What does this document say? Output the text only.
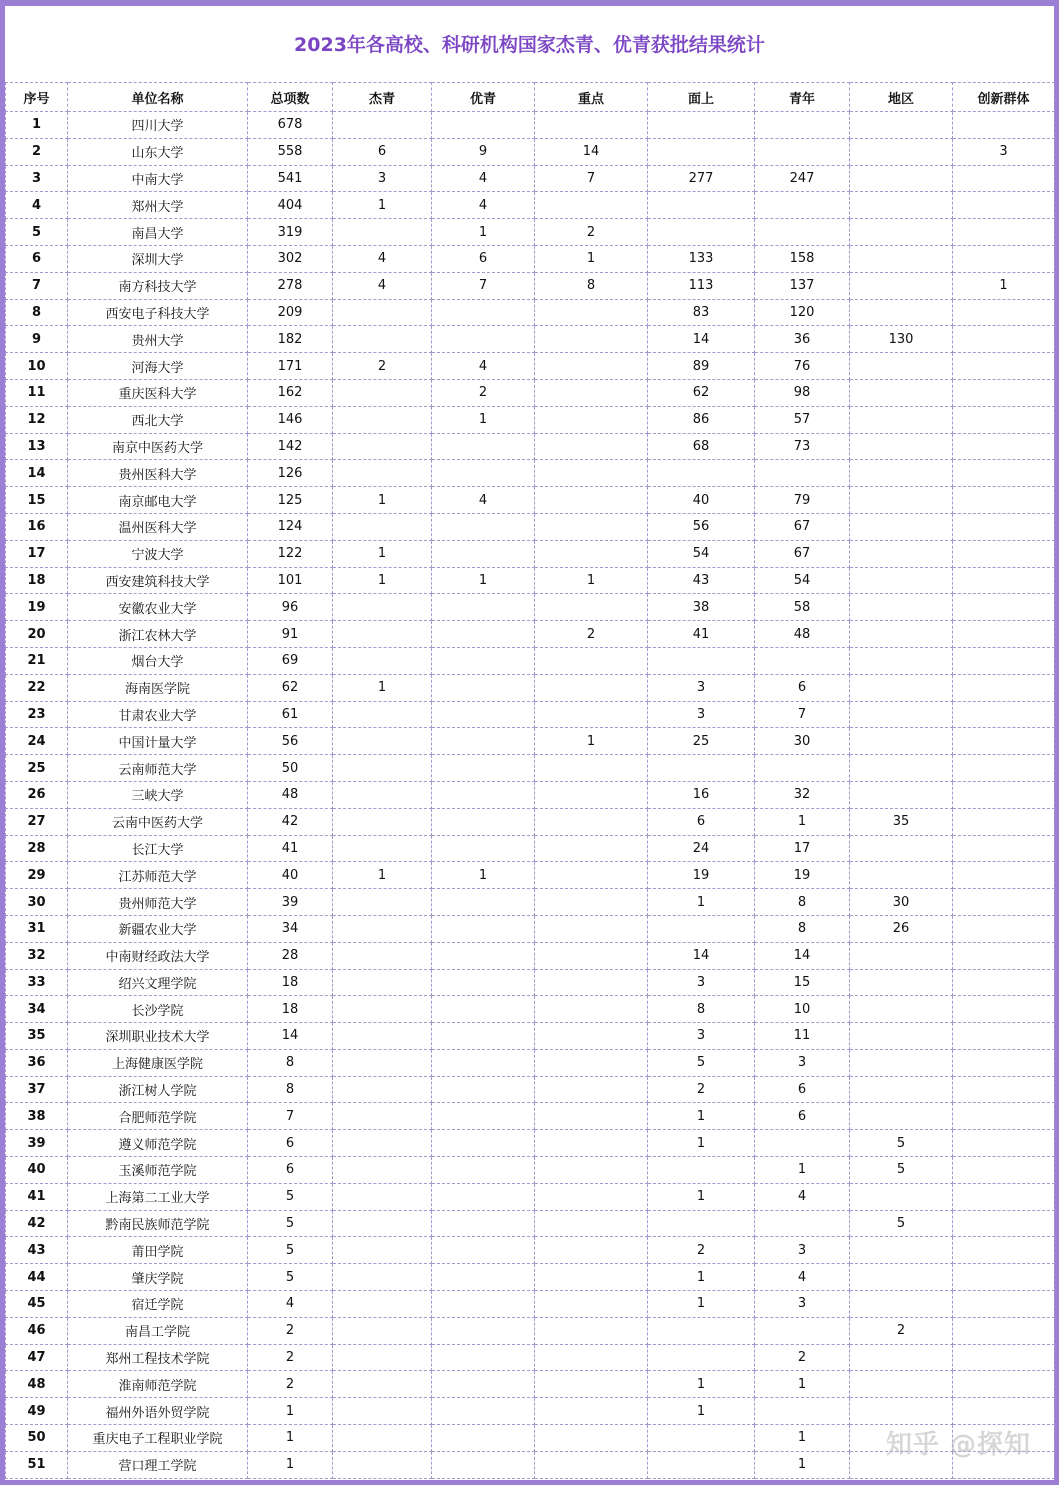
2023年各高校、科研机构国家杰青、优青获批结果统计
序号	单位名称	总项数	杰青	优青	重点	面上	青年	地区	创新群体
1	四川大学	678							
2	山东大学	558	6	9	14				3
3	中南大学	541	3	4	7	277	247		
4	郑州大学	404	1	4					
5	南昌大学	319		1	2				
6	深圳大学	302	4	6	1	133	158		
7	南方科技大学	278	4	7	8	113	137		1
8	西安电子科技大学	209				83	120		
9	贵州大学	182				14	36	130	
10	河海大学	171	2	4		89	76		
11	重庆医科大学	162		2		62	98		
12	西北大学	146		1		86	57		
13	南京中医药大学	142				68	73		
14	贵州医科大学	126							
15	南京邮电大学	125	1	4		40	79		
16	温州医科大学	124				56	67		
17	宁波大学	122	1			54	67		
18	西安建筑科技大学	101	1	1	1	43	54		
19	安徽农业大学	96				38	58		
20	浙江农林大学	91			2	41	48		
21	烟台大学	69							
22	海南医学院	62	1			3	6		
23	甘肃农业大学	61				3	7		
24	中国计量大学	56			1	25	30		
25	云南师范大学	50							
26	三峡大学	48				16	32		
27	云南中医药大学	42				6	1	35	
28	长江大学	41				24	17		
29	江苏师范大学	40	1	1		19	19		
30	贵州师范大学	39				1	8	30	
31	新疆农业大学	34					8	26	
32	中南财经政法大学	28				14	14		
33	绍兴文理学院	18				3	15		
34	长沙学院	18				8	10		
35	深圳职业技术大学	14				3	11		
36	上海健康医学院	8				5	3		
37	浙江树人学院	8				2	6		
38	合肥师范学院	7				1	6		
39	遵义师范学院	6				1		5	
40	玉溪师范学院	6					1	5	
41	上海第二工业大学	5				1	4		
42	黔南民族师范学院	5						5	
43	莆田学院	5				2	3		
44	肇庆学院	5				1	4		
45	宿迁学院	4				1	3		
46	南昌工学院	2						2	
47	郑州工程技术学院	2					2		
48	淮南师范学院	2				1	1		
49	福州外语外贸学院	1				1			
50	重庆电子工程职业学院	1					1		
51	营口理工学院	1					1		
知乎 @探知
